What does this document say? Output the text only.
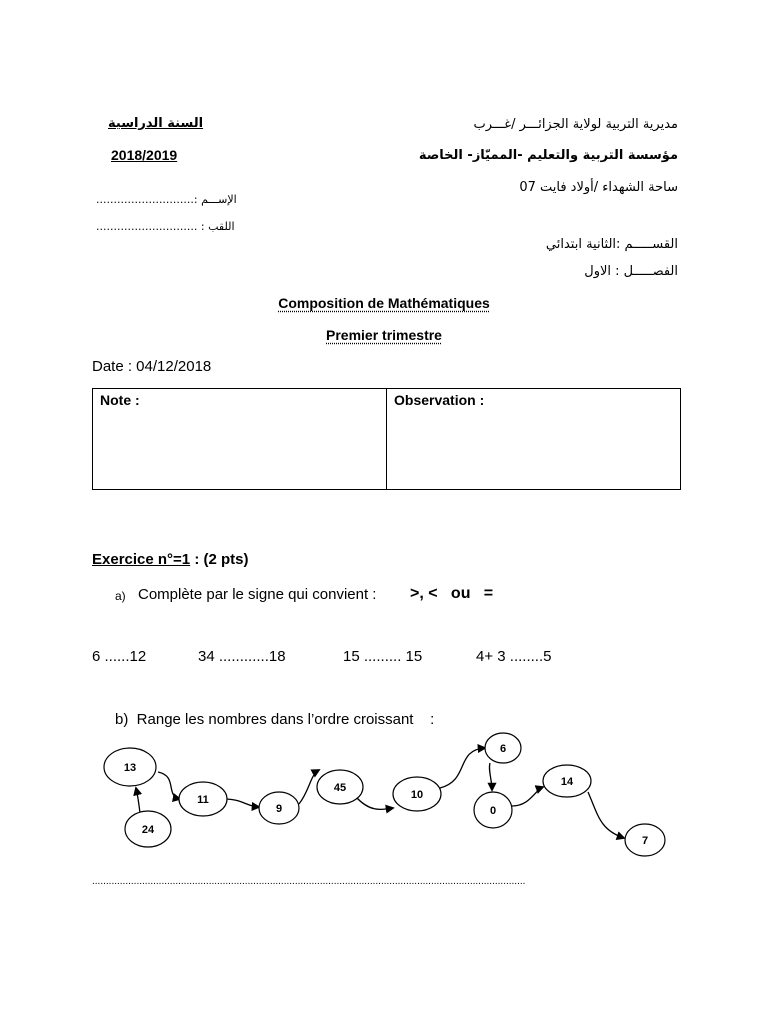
مديرية التربية لولاية الجزائـــر /غـــرب
مؤسسة التربية والتعليم -المميّاز- الخاصة
ساحة الشهداء /أولاد فايت 07
القســـــم :الثانية ابتدائي
الفصـــــل : الاول
السنة الدراسية
2018/2019
الإســـم :............................
اللقب : .............................
Composition de Mathématiques
Premier trimestre
Date : 04/12/2018
Note :	Observation :
Exercice n°=1 : (2 pts)
a) Complète par le signe qui convient : >, <   ou   =
6 ......12	34 ............18	15 ......... 15	4+ 3 ........5
b)  Range les nombres dans l’ordre croissant    :
13
11
24
9
45
10
6
0
14
7
............................................................................................................................................................
